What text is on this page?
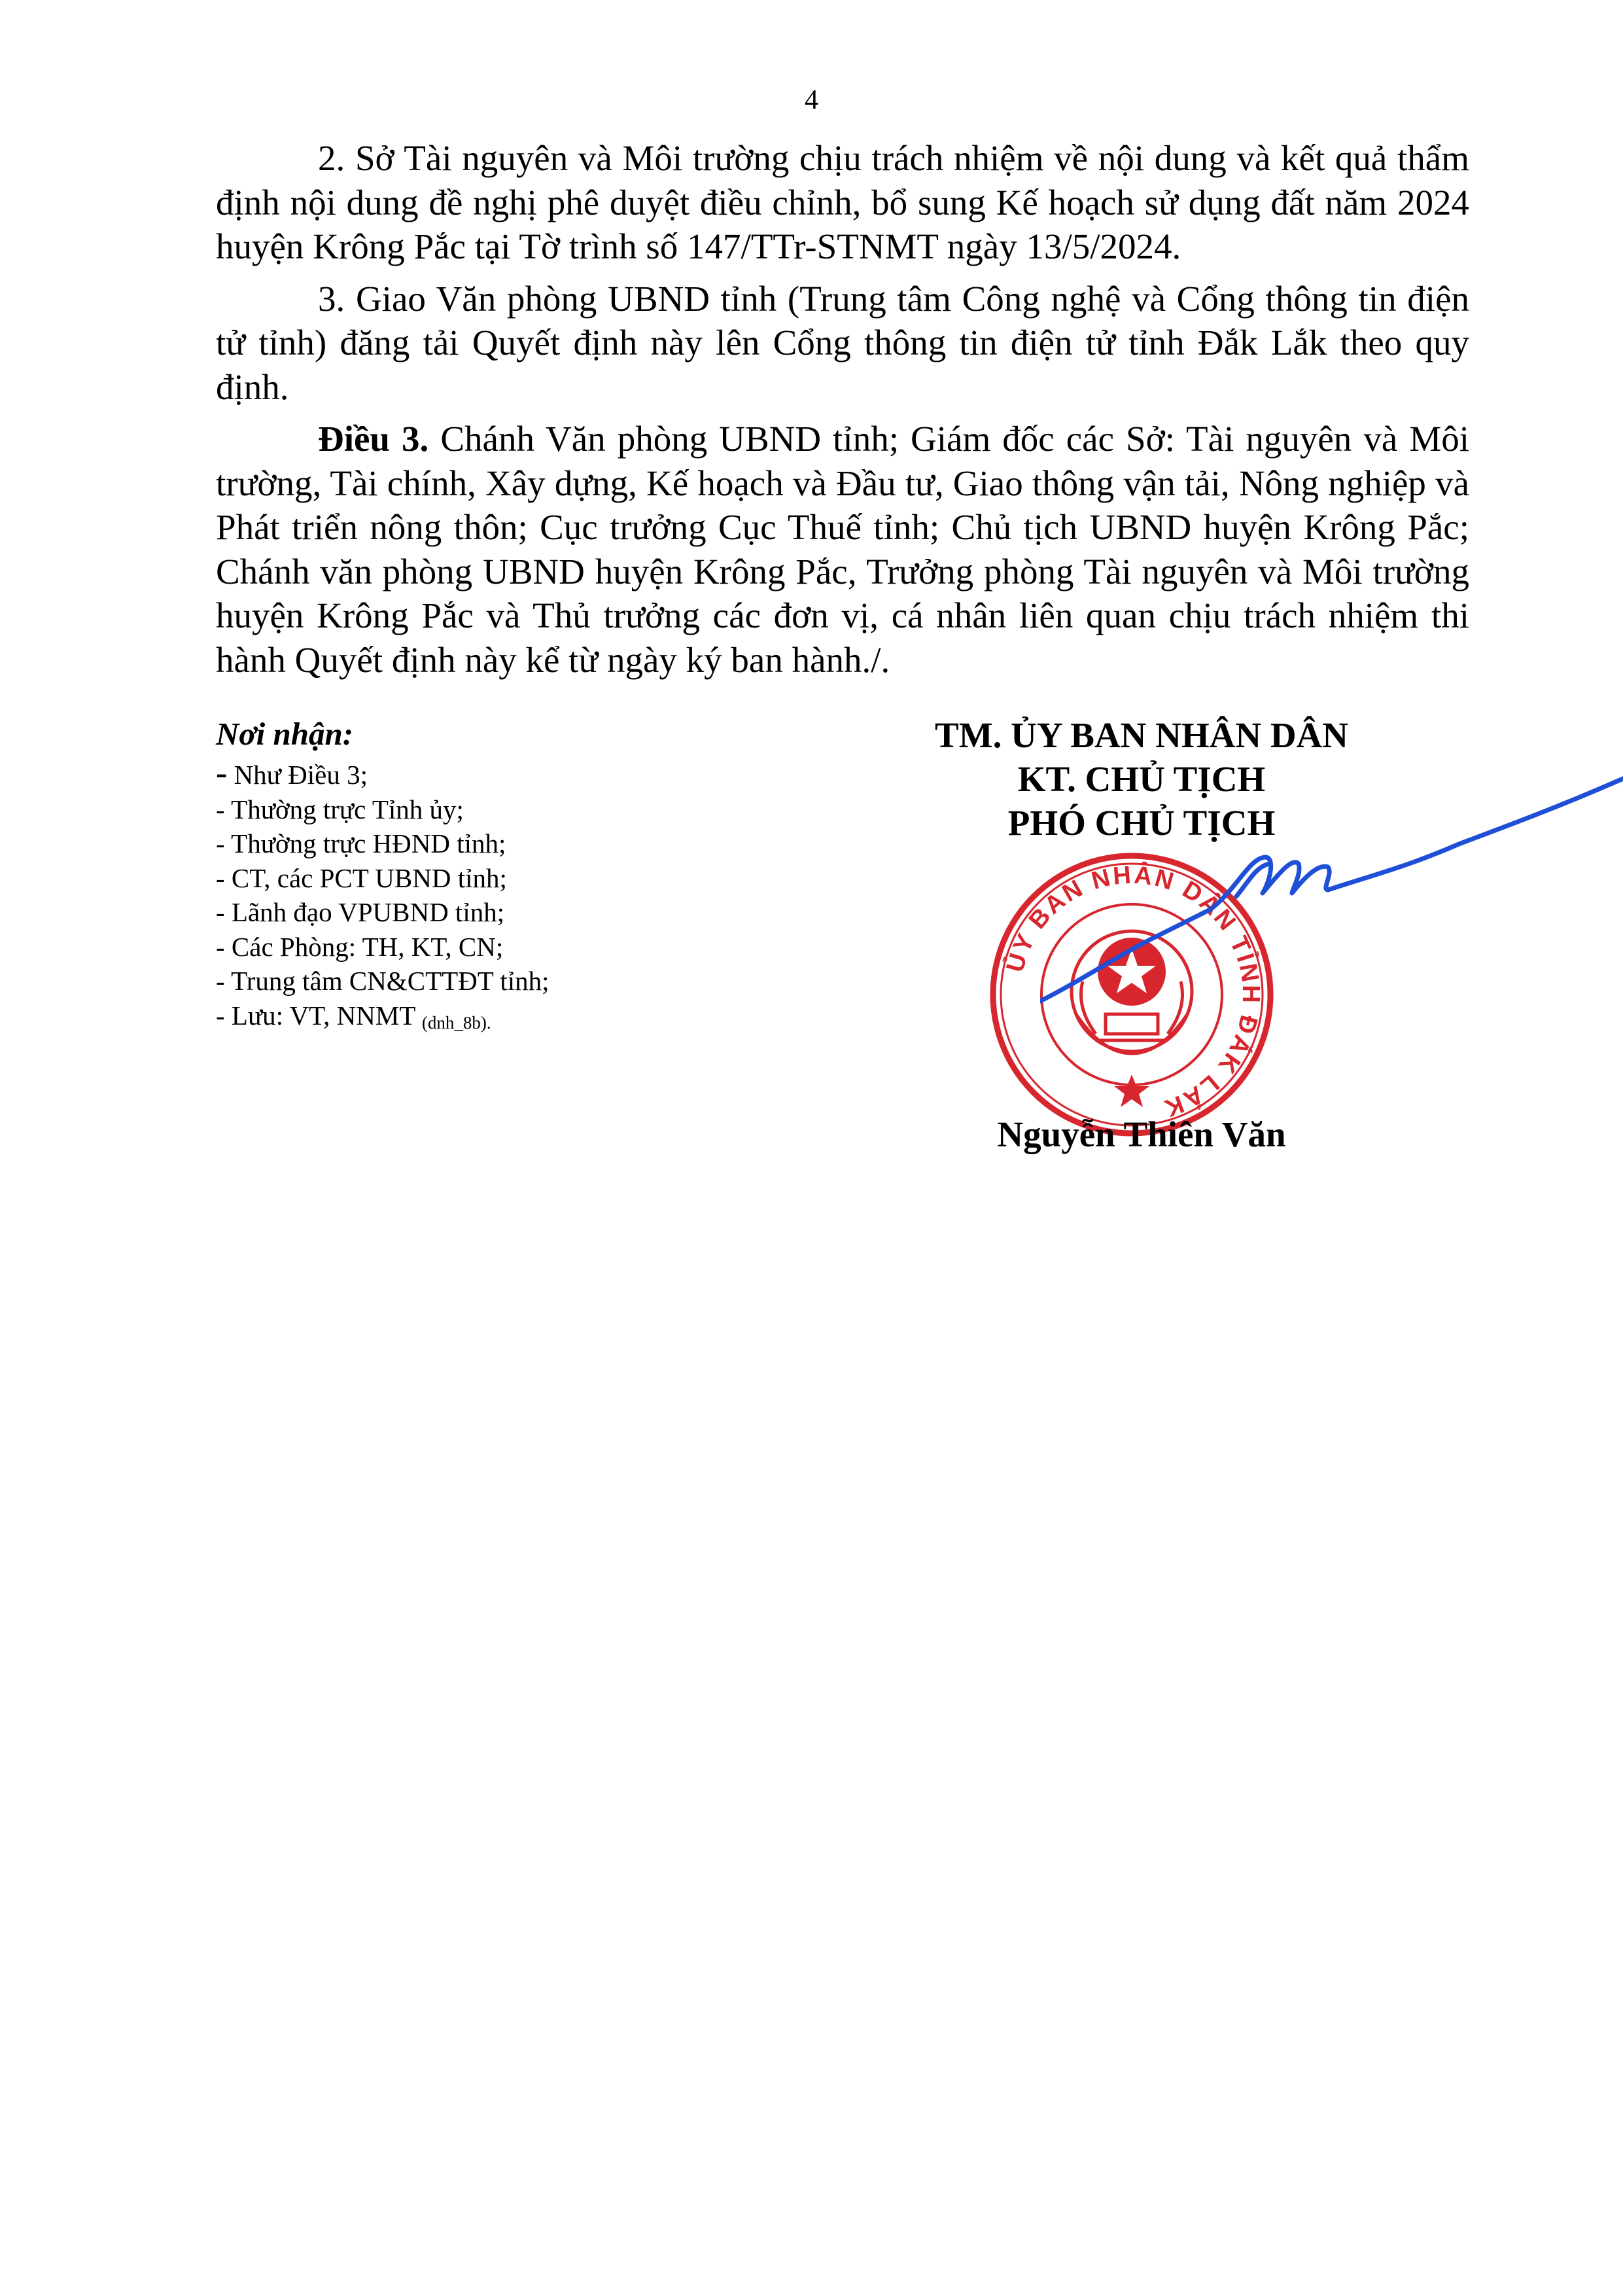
4

2. Sở Tài nguyên và Môi trường chịu trách nhiệm về nội dung và kết quả thẩm định nội dung đề nghị phê duyệt điều chỉnh, bổ sung Kế hoạch sử dụng đất năm 2024 huyện Krông Pắc tại Tờ trình số 147/TTr-STNMT ngày 13/5/2024.

3. Giao Văn phòng UBND tỉnh (Trung tâm Công nghệ và Cổng thông tin điện tử tỉnh) đăng tải Quyết định này lên Cổng thông tin điện tử tỉnh Đắk Lắk theo quy định.

Điều 3. Chánh Văn phòng UBND tỉnh; Giám đốc các Sở: Tài nguyên và Môi trường, Tài chính, Xây dựng, Kế hoạch và Đầu tư, Giao thông vận tải, Nông nghiệp và Phát triển nông thôn; Cục trưởng Cục Thuế tỉnh; Chủ tịch UBND huyện Krông Pắc; Chánh văn phòng UBND huyện Krông Pắc, Trưởng phòng Tài nguyên và Môi trường huyện Krông Pắc và Thủ trưởng các đơn vị, cá nhân liên quan chịu trách nhiệm thi hành Quyết định này kể từ ngày ký ban hành./.

Nơi nhận:
- Như Điều 3;
- Thường trực Tỉnh ủy;
- Thường trực HĐND tỉnh;
- CT, các PCT UBND tỉnh;
- Lãnh đạo VPUBND tỉnh;
- Các Phòng: TH, KT, CN;
- Trung tâm CN&CTTĐT tỉnh;
- Lưu: VT, NNMT $_{(dnh\_8b).}$
TM. ỦY BAN NHÂN DÂN
KT. CHỦ TỊCH
PHÓ CHỦ TỊCH
ỦY BAN NHÂN DÂN TỈNH ĐẮK LẮK
Nguyễn Thiên Văn
